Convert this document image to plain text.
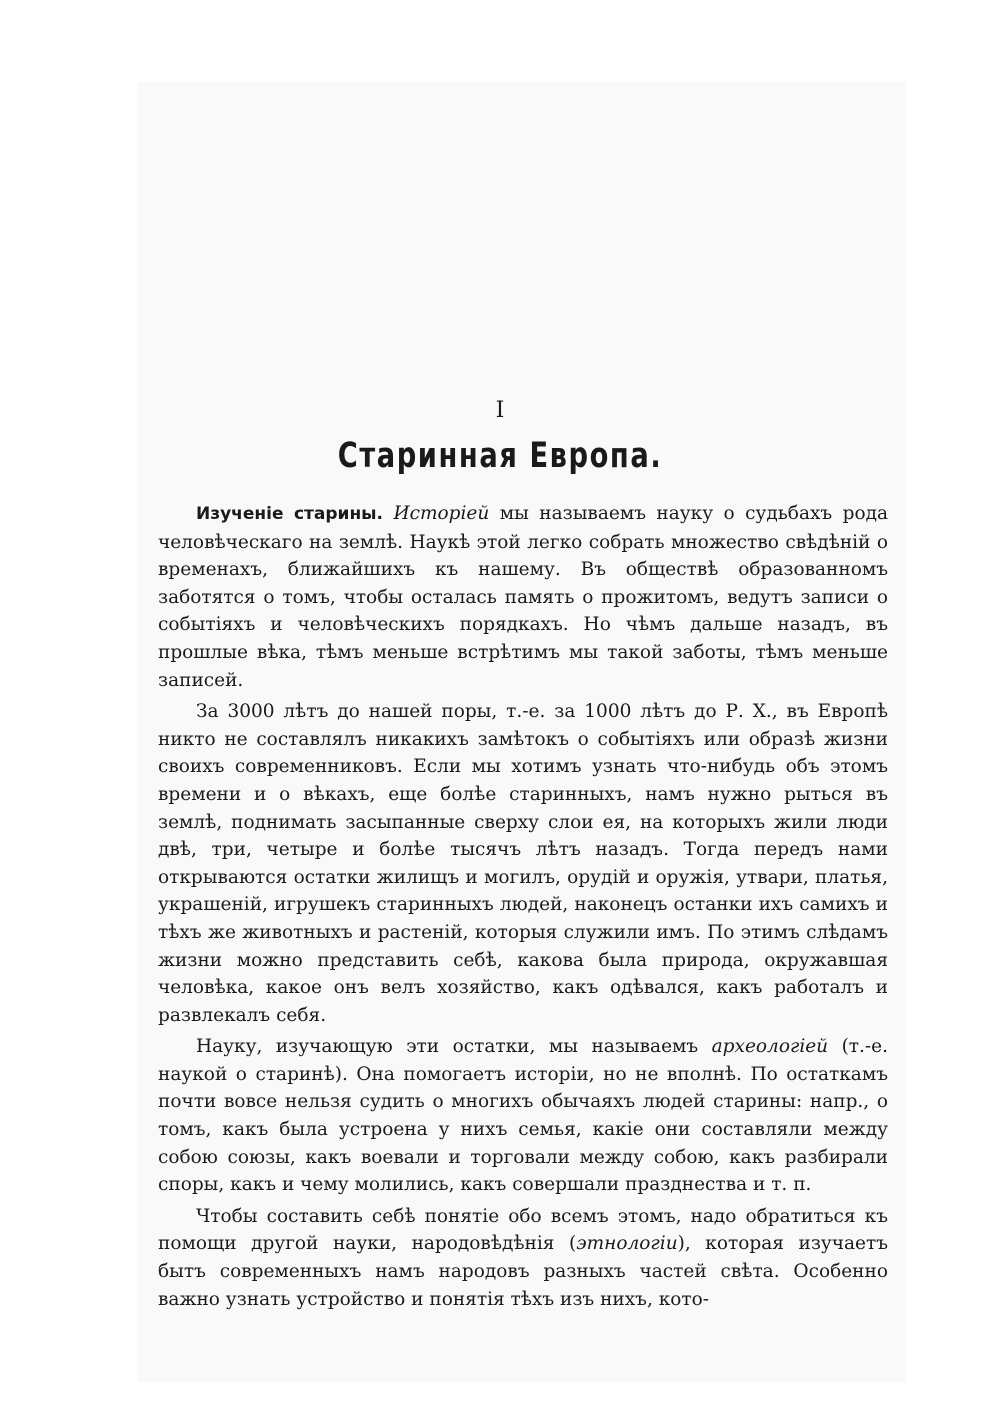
I
Старинная Европа.

Изученіе старины. Исторіей мы называемъ науку о судьбахъ рода человѣческаго на землѣ. Наукѣ этой легко собрать множество свѣдѣній о временахъ, ближайшихъ къ нашему. Въ обществѣ образованномъ заботятся о томъ, чтобы осталась память о прожитомъ, ведутъ записи о событіяхъ и человѣческихъ порядкахъ. Но чѣмъ дальше назадъ, въ прошлые вѣка, тѣмъ меньше встрѣтимъ мы такой заботы, тѣмъ меньше записей.

За 3000 лѣтъ до нашей поры, т.-е. за 1000 лѣтъ до Р. Х., въ Европѣ никто не составлялъ никакихъ замѣтокъ о событіяхъ или образѣ жизни своихъ современниковъ. Если мы хотимъ узнать что-нибудь объ этомъ времени и о вѣкахъ, еще болѣе старинныхъ, намъ нужно рыться въ землѣ, поднимать засыпанные сверху слои ея, на которыхъ жили люди двѣ, три, четыре и болѣе тысячъ лѣтъ назадъ. Тогда передъ нами открываются остатки жилищъ и могилъ, орудій и оружія, утвари, платья, украшеній, игрушекъ старинныхъ людей, наконецъ останки ихъ самихъ и тѣхъ же животныхъ и растеній, которыя служили имъ. По этимъ слѣдамъ жизни можно представить себѣ, какова была природа, окружавшая человѣка, какое онъ велъ хозяйство, какъ одѣвался, какъ работалъ и развлекалъ себя.

Науку, изучающую эти остатки, мы называемъ археологіей (т.-е. наукой о старинѣ). Она помогаетъ исторіи, но не вполнѣ. По остаткамъ почти вовсе нельзя судить о многихъ обычаяхъ людей старины: напр., о томъ, какъ была устроена у нихъ семья, какіе они составляли между собою союзы, какъ воевали и торговали между собою, какъ разбирали споры, какъ и чему молились, какъ совершали празднества и т. п.

Чтобы составить себѣ понятіе обо всемъ этомъ, надо обратиться къ помощи другой науки, народовѣдѣнія (этнологіи), которая изучаетъ бытъ современныхъ намъ народовъ разныхъ частей свѣта. Особенно важно узнать устройство и понятія тѣхъ изъ нихъ, кото-
